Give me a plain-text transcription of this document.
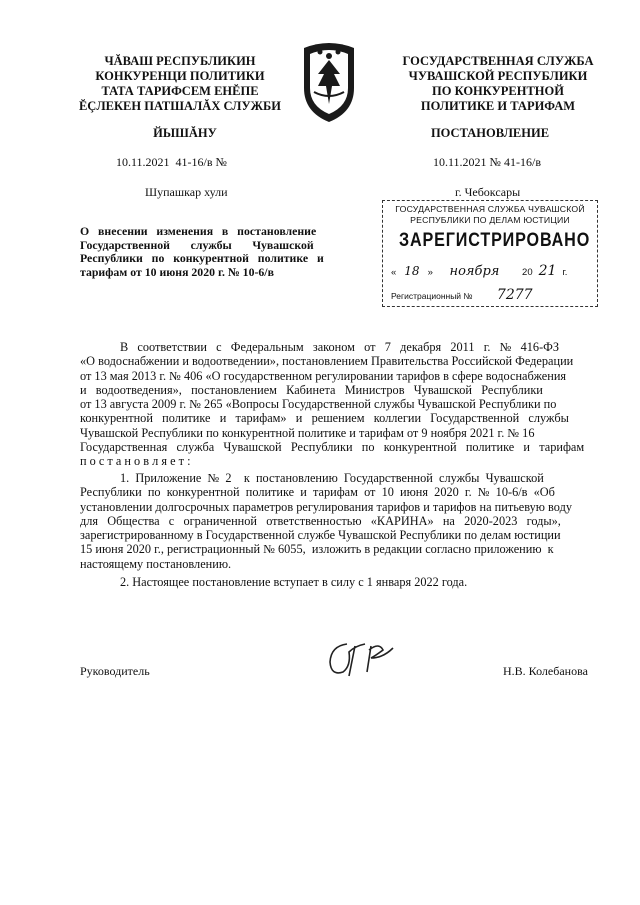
ЧĂВАШ РЕСПУБЛИКИН
КОНКУРЕНЦИ ПОЛИТИКИ
ТАТА ТАРИФСЕМ ЕНĔПЕ
ĔÇЛЕКЕН ПАТШАЛĂХ СЛУЖБИ
ГОСУДАРСТВЕННАЯ СЛУЖБА
ЧУВАШСКОЙ РЕСПУБЛИКИ
ПО КОНКУРЕНТНОЙ
ПОЛИТИКЕ И ТАРИФАМ
ЙЫШĂНУ	ПОСТАНОВЛЕНИЕ
10.11.2021  41-16/в №	10.11.2021 № 41-16/в
Шупашкар хули	г. Чебоксары
О   внесении   изменения   в   постановление
Государственной       службы       Чувашской
Республики   по   конкурентной   политике   и
тарифам от 10 июня 2020 г. № 10-6/в
ГОСУДАРСТВЕННАЯ СЛУЖБА ЧУВАШСКОЙ
РЕСПУБЛИКИ ПО ДЕЛАМ ЮСТИЦИИ
ЗАРЕГИСТРИРОВАНО
« 18 » ноября 20 21 г.
Регистрационный № 7277

В   соответствии   с   Федеральным   законом   от   7   декабря   2011   г.   №   416-ФЗ

«О водоснабжении и водоотведении», постановлением Правительства Российской Федерации

от 13 мая 2013 г. № 406 «О государственном регулировании тарифов в сфере водоснабжения

и   водоотведения»,   постановлением   Кабинета   Министров   Чувашской   Республики

от 13 августа 2009 г. № 265 «Вопросы Государственной службы Чувашской Республики по

конкурентной   политике   и   тарифам»   и   решением   коллегии   Государственной   службы

Чувашской Республики по конкурентной политике и тарифам от 9 ноября 2021 г. № 16

Государственная   служба   Чувашской   Республики   по   конкурентной   политике   и   тарифам

п о с т а н о в л я е т :

1.  Приложение  №  2    к  постановлению  Государственной  службы  Чувашской

Республики  по  конкурентной  политике  и  тарифам  от  10  июня  2020  г.  №  10-6/в  «Об

установлении долгосрочных параметров регулирования тарифов и тарифов на питьевую воду

для   Общества   с   ограниченной   ответственностью   «КАРИНА»   на   2020-2023   годы»,

зарегистрированному в Государственной службе Чувашской Республики по делам юстиции

15 июня 2020 г., регистрационный № 6055,  изложить в редакции согласно приложению  к

настоящему постановлению.

2. Настоящее постановление вступает в силу с 1 января 2022 года.

Руководитель	Н.В. Колебанова
